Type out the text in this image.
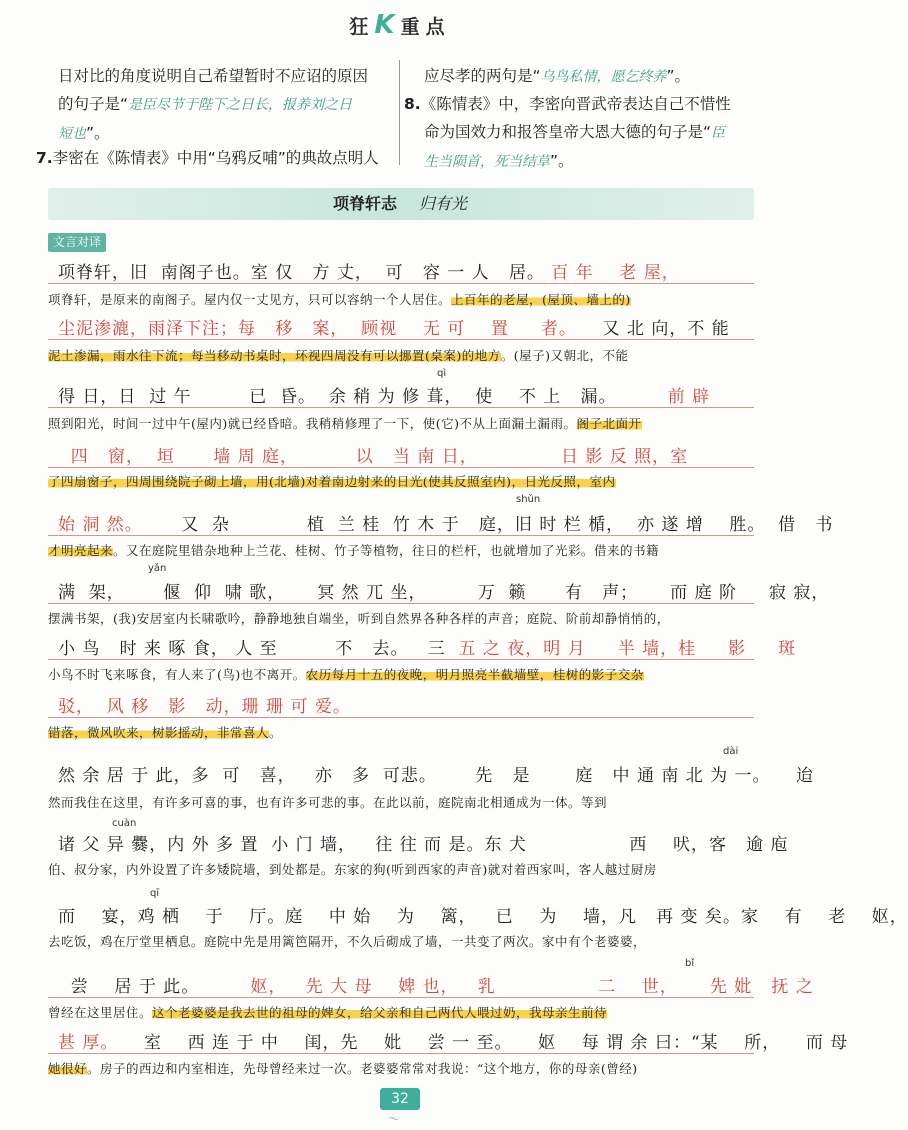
狂K重点
日对比的角度说明自己希望暂时不应诏的原因
的句子是“是臣尽节于陛下之日长，报养刘之日
短也”。
7.李密在《陈情表》中用“乌鸦反哺”的典故点明人
应尽孝的两句是“乌鸟私情，愿乞终养”。
8.《陈情表》中，李密向晋武帝表达自己不惜性
命为国效力和报答皇帝大恩大德的句子是“臣
生当陨首，死当结草”。
项脊轩志 归有光
文言对译
qì
shǔn
yǎn
dài
cuàn
qī
bǐ
项脊轩，旧  南阁子也。室 仅   方 丈，  可   容 一 人   居。 百 年    老 屋，
项脊轩，是原来的南阁子。屋内仅一丈见方，只可以容纳一个人居住。上百年的老屋，(屋顶、墙上的)
尘泥渗漉，雨泽下注；每   移   案，  顾视    无 可    置     者。    又 北 向，不 能
泥土渗漏，雨水往下流；每当移动书桌时，环视四周没有可以挪置(桌案)的地方。(屋子)又朝北，不能
得 日，日  过 午         已  昏。  余 稍 为 修 葺，  使    不 上   漏。        前 辟
照到阳光，时间一过中午(屋内)就已经昏暗。我稍稍修理了一下，使(它)不从上面漏土漏雨。阁子北面开
四   窗，  垣      墙 周 庭，         以   当 南 日，             日 影 反 照，室
了四扇窗子，四周围绕院子砌上墙，用(北墙)对着南边射来的日光(使其反照室内)，日光反照，室内
始 洞 然。      又  杂            植  兰 桂  竹 木 于   庭，旧 时 栏 楯，  亦 遂 增    胜。  借   书
才明亮起来。又在庭院里错杂地种上兰花、桂树、竹子等植物，往日的栏杆，也就增加了光彩。借来的书籍
满  架，      偃  仰  啸 歌，     冥 然 兀 坐，        万  籁      有   声；     而 庭 阶     寂 寂，
摆满书架，(我)安居室内长啸歌吟，静静地独自端坐，听到自然界各种各样的声音；庭院、阶前却静悄悄的，
小 鸟   时 来 啄 食， 人 至         不   去。   三  五 之 夜，明 月     半 墙，桂     影     斑
小鸟不时飞来啄食，有人来了(鸟)也不离开。农历每月十五的夜晚，明月照亮半截墙壁，桂树的影子交杂
驳，  风 移   影   动，珊 珊 可 爱。
错落，微风吹来，树影摇动，非常喜人。
然 余 居 于 此，多  可   喜，   亦   多  可悲。      先   是       庭   中 通 南 北 为 一。    迨
然而我住在这里，有许多可喜的事，也有许多可悲的事。在此以前，庭院南北相通成为一体。等到
诸 父 异 爨，内 外 多 置  小 门 墙，   往 往 而 是。东 犬                西    吠，客   逾 庖
伯、叔分家，内外设置了许多矮院墙，到处都是。东家的狗(听到西家的声音)就对着西家叫，客人越过厨房
而    宴，鸡 栖    于    厅。庭    中 始    为    篱，   已    为    墙，凡   再 变 矣。家    有    老    妪，
去吃饭，鸡在厅堂里栖息。庭院中先是用篱笆隔开，不久后砌成了墙，一共变了两次。家中有个老婆婆，
尝    居 于 此。        妪，   先 大 母    婢 也，   乳                二    世，     先 妣   抚 之
曾经在这里居住。这个老婆婆是我去世的祖母的婢女，给父亲和自己两代人喂过奶，我母亲生前待
甚 厚。    室    西 连 于 中    闺，先    妣    尝 一 至。    妪    每 谓 余 曰：“某    所，    而 母
她很好。房子的西边和内室相连，先母曾经来过一次。老婆婆常常对我说：“这个地方，你的母亲(曾经)
32
〜
